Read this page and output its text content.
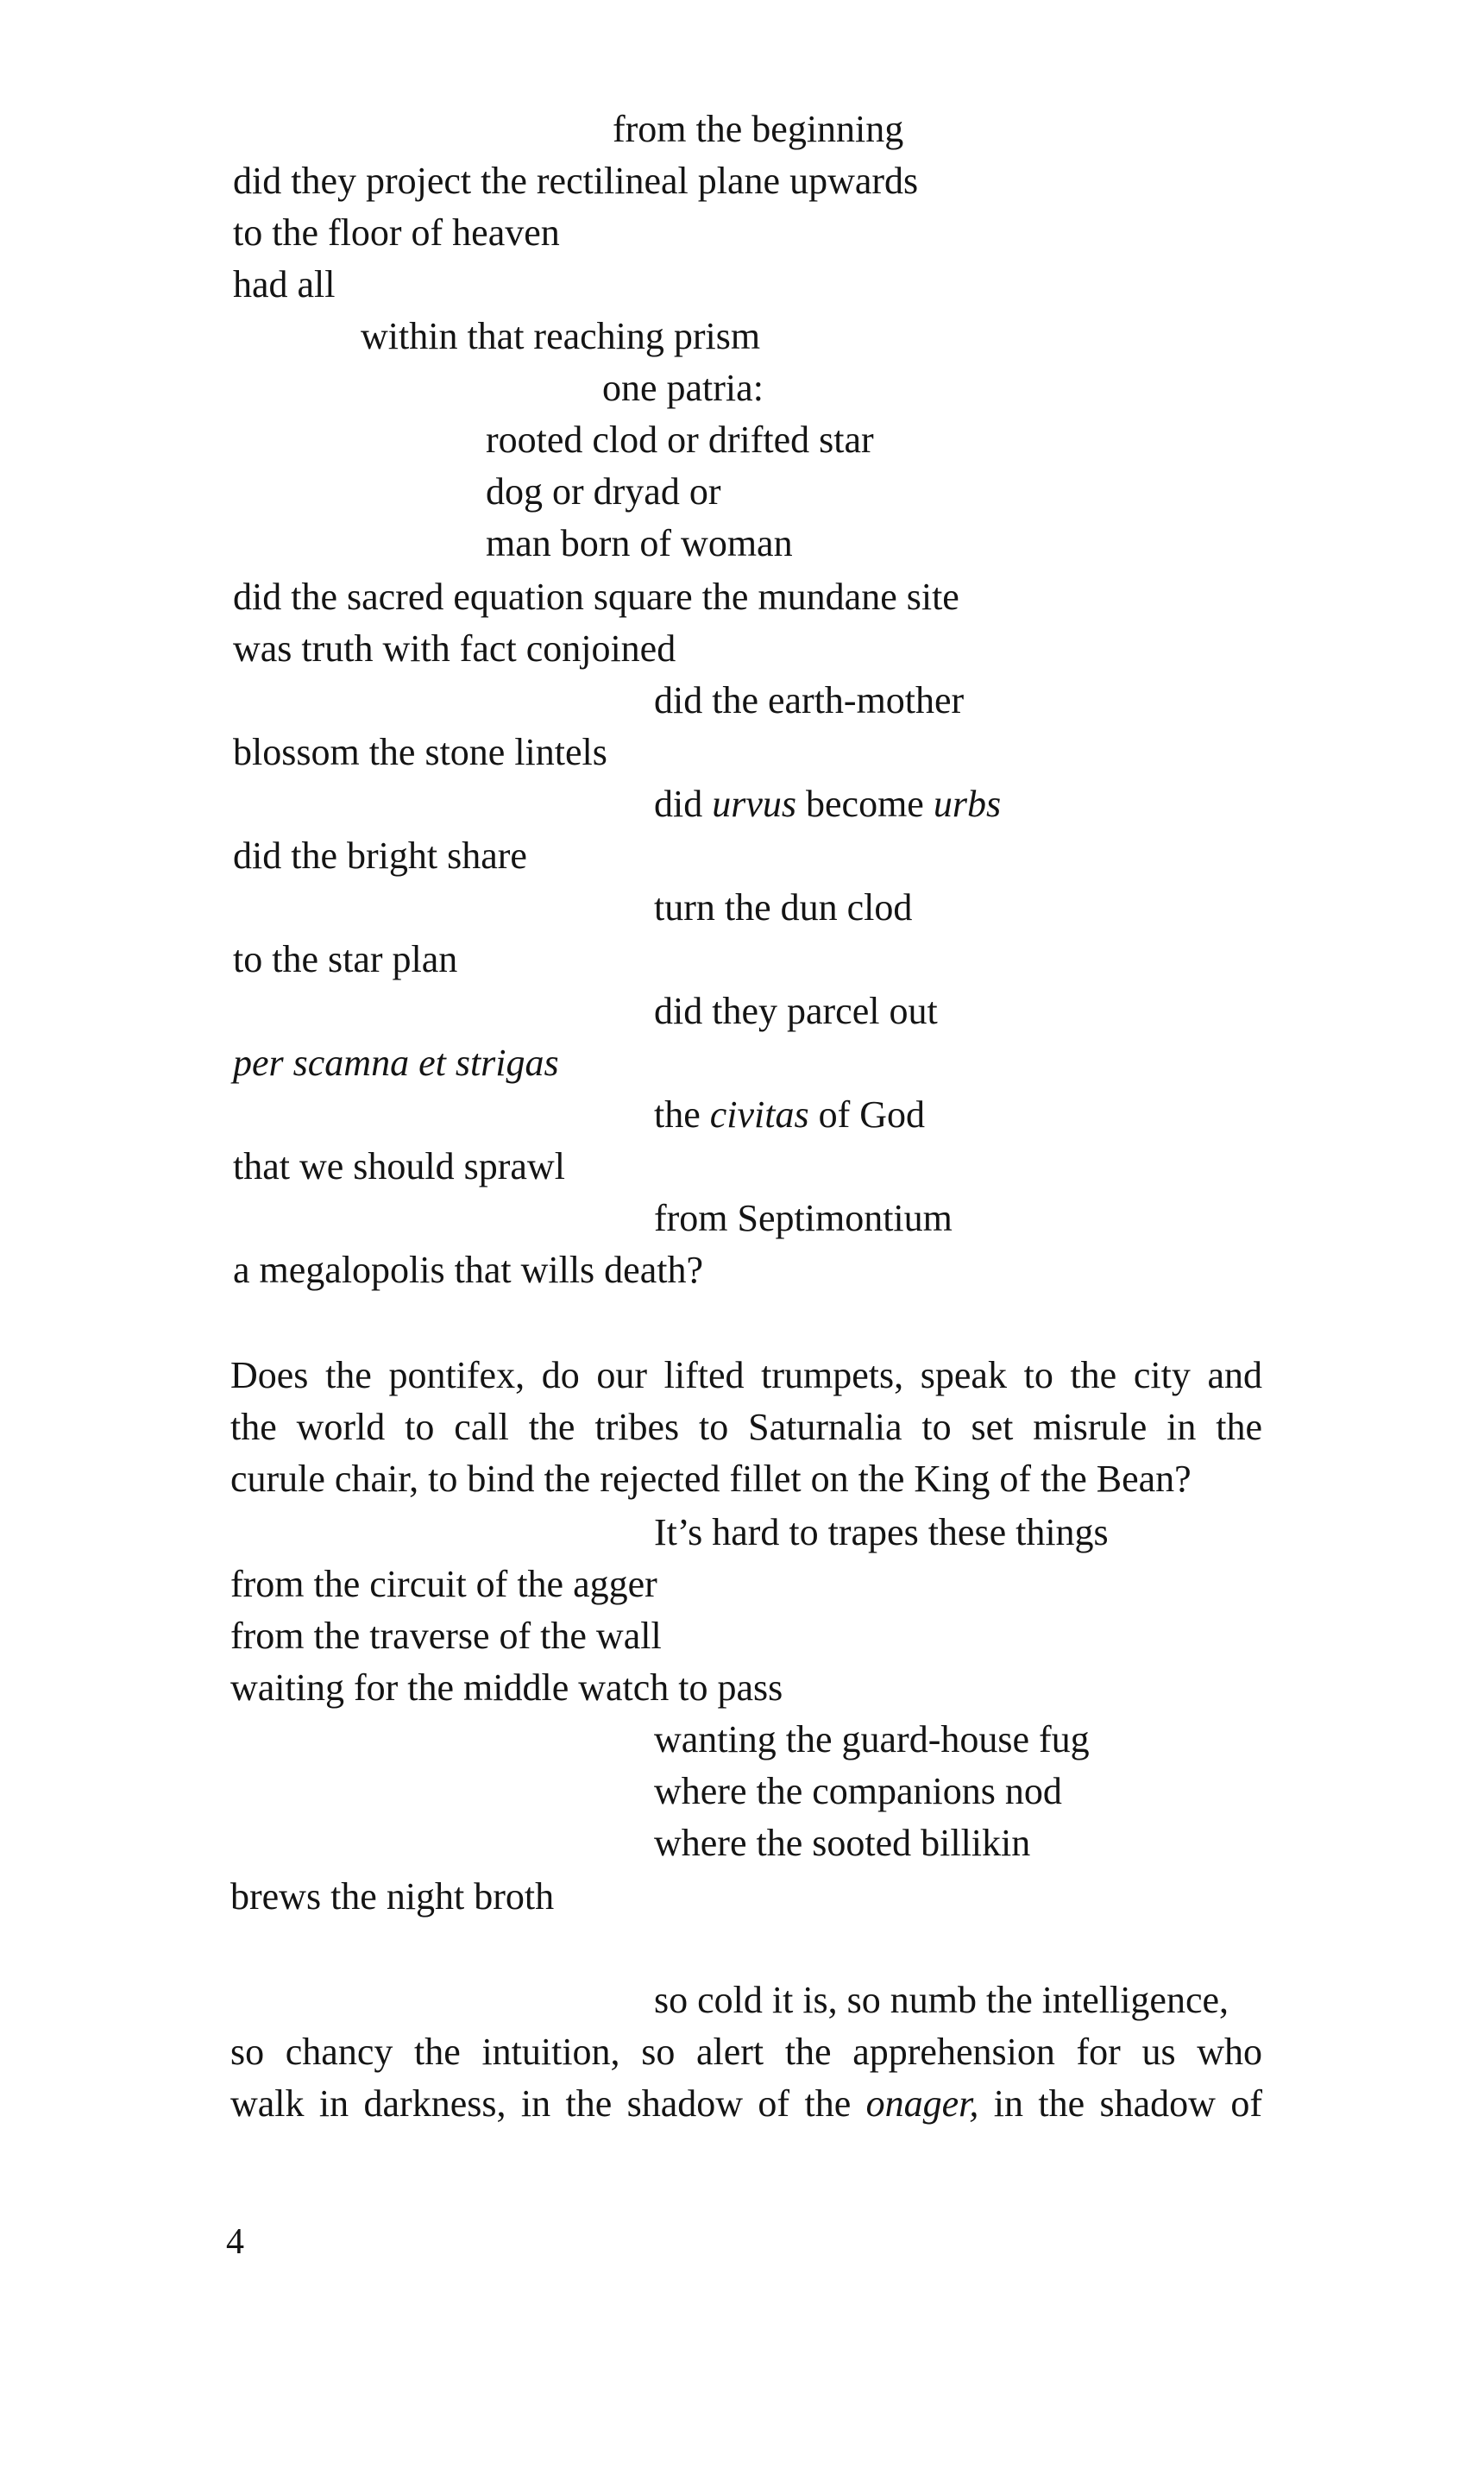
from the beginning

did they project the rectilineal plane upwards

to the floor of heaven

had all

within that reaching prism

one patria:

rooted clod or drifted star

dog or dryad or

man born of woman

did the sacred equation square the mundane site

was truth with fact conjoined

did the earth-mother

blossom the stone lintels

did urvus become urbs

did the bright share

turn the dun clod

to the star plan

did they parcel out

per scamna et strigas

the civitas of God

that we should sprawl

from Septimontium

a megalopolis that wills death?

Does the pontifex, do our lifted trumpets, speak to the city and
the world to call the tribes to Saturnalia to set misrule in the
curule chair, to bind the rejected fillet on the King of the Bean?

It’s hard to trapes these things

from the circuit of the agger

from the traverse of the wall

waiting for the middle watch to pass

wanting the guard-house fug

where the companions nod

where the sooted billikin

brews the night broth

so cold it is, so numb the intelligence,

so chancy the intuition, so alert the apprehension for us who
walk in darkness, in the shadow of the onager, in the shadow of

4
